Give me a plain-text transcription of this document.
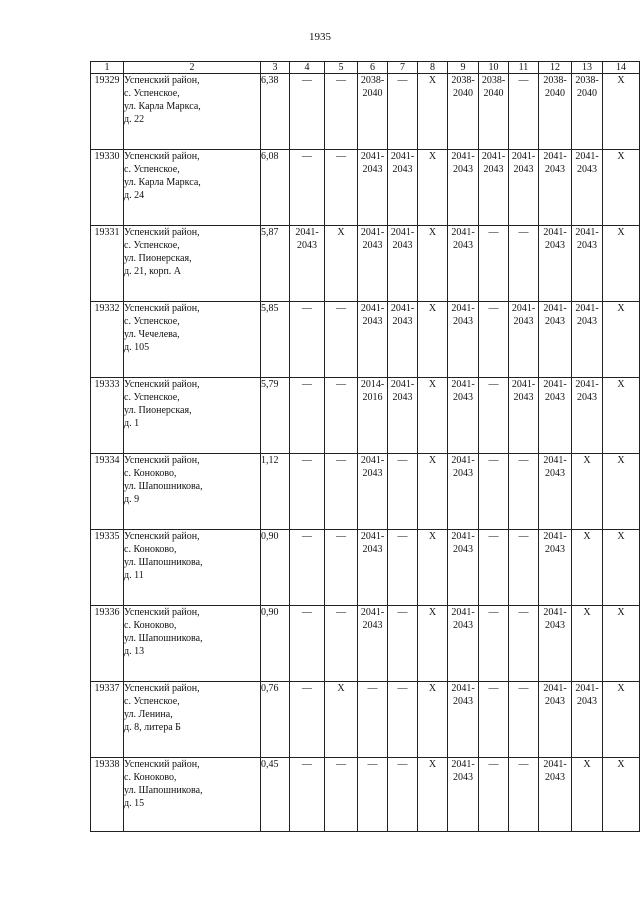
1935
1	2	3	4	5	6	7	8	9	10	11	12	13	14
19329	Успенский район,
с. Успенское,
ул. Карла Маркса,
д. 22	6,38	—	—	2038-
2040	—	X	2038-
2040	2038-
2040	—	2038-
2040	2038-
2040	X

19330	Успенский район,
с. Успенское,
ул. Карла Маркса,
д. 24	6,08	—	—	2041-
2043	2041-
2043	X	2041-
2043	2041-
2043	2041-
2043	2041-
2043	2041-
2043	X

19331	Успенский район,
с. Успенское,
ул. Пионерская,
д. 21, корп. А	5,87	2041-
2043	X	2041-
2043	2041-
2043	X	2041-
2043	—	—	2041-
2043	2041-
2043	X

19332	Успенский район,
с. Успенское,
ул. Чечелева,
д. 105	5,85	—	—	2041-
2043	2041-
2043	X	2041-
2043	—	2041-
2043	2041-
2043	2041-
2043	X

19333	Успенский район,
с. Успенское,
ул. Пионерская,
д. 1	5,79	—	—	2014-
2016	2041-
2043	X	2041-
2043	—	2041-
2043	2041-
2043	2041-
2043	X

19334	Успенский район,
с. Коноково,
ул. Шапошникова,
д. 9	1,12	—	—	2041-
2043	—	X	2041-
2043	—	—	2041-
2043	X	X

19335	Успенский район,
с. Коноково,
ул. Шапошникова,
д. 11	0,90	—	—	2041-
2043	—	X	2041-
2043	—	—	2041-
2043	X	X

19336	Успенский район,
с. Коноково,
ул. Шапошникова,
д. 13	0,90	—	—	2041-
2043	—	X	2041-
2043	—	—	2041-
2043	X	X

19337	Успенский район,
с. Успенское,
ул. Ленина,
д. 8, литера Б	0,76	—	X	—	—	X	2041-
2043	—	—	2041-
2043	2041-
2043	X

19338	Успенский район,
с. Коноково,
ул. Шапошникова,
д. 15	0,45	—	—	—	—	X	2041-
2043	—	—	2041-
2043	X	X
